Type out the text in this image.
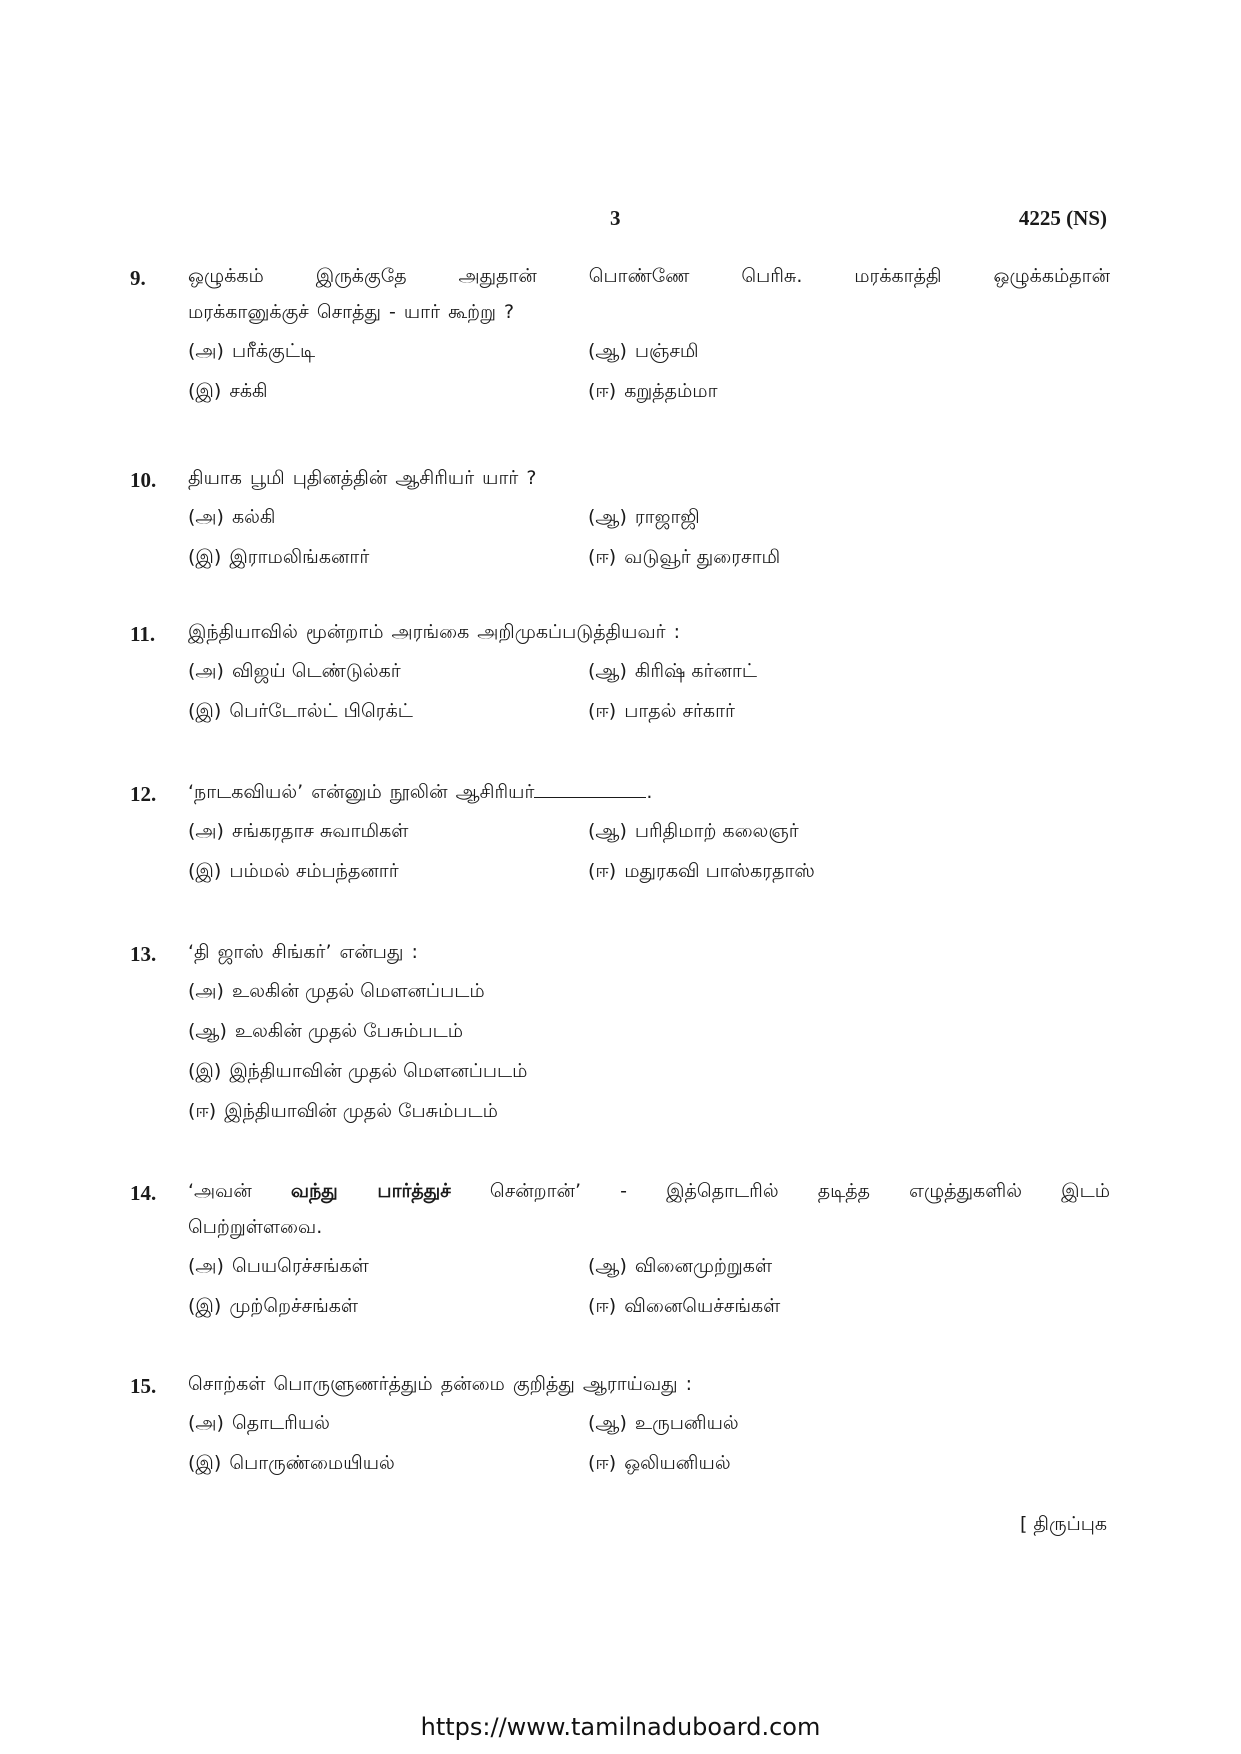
3	4225 (NS)
9. ஒழுக்கம் இருக்குதே அதுதான் பொண்ணே பெரிசு. மரக்காத்தி ஒழுக்கம்தான்
மரக்கானுக்குச் சொத்து - யார் கூற்று ?
(அ) பரீக்குட்டி	(ஆ) பஞ்சமி
(இ) சக்கி	(ஈ) கறுத்தம்மா
10. தியாக பூமி புதினத்தின் ஆசிரியர் யார் ?
(அ) கல்கி	(ஆ) ராஜாஜி
(இ) இராமலிங்கனார்	(ஈ) வடுவூர் துரைசாமி
11. இந்தியாவில் மூன்றாம் அரங்கை அறிமுகப்படுத்தியவர் :
(அ) விஜய் டெண்டுல்கர்	(ஆ) கிரிஷ் கர்னாட்
(இ) பெர்டோல்ட் பிரெக்ட்	(ஈ) பாதல் சர்கார்
12. ‘நாடகவியல்’ என்னும் நூலின் ஆசிரியர்	.
(அ) சங்கரதாச சுவாமிகள்	(ஆ) பரிதிமாற் கலைஞர்
(இ) பம்மல் சம்பந்தனார்	(ஈ) மதுரகவி பாஸ்கரதாஸ்
13. ‘தி ஜாஸ் சிங்கர்’ என்பது :
(அ) உலகின் முதல் மௌனப்படம்
(ஆ) உலகின் முதல் பேசும்படம்
(இ) இந்தியாவின் முதல் மௌனப்படம்
(ஈ) இந்தியாவின் முதல் பேசும்படம்
14. ‘அவன் வந்து பார்த்துச் சென்றான்’ - இத்தொடரில் தடித்த எழுத்துகளில் இடம்
பெற்றுள்ளவை.
(அ) பெயரெச்சங்கள்	(ஆ) வினைமுற்றுகள்
(இ) முற்றெச்சங்கள்	(ஈ) வினையெச்சங்கள்
15. சொற்கள் பொருளுணர்த்தும் தன்மை குறித்து ஆராய்வது :
(அ) தொடரியல்	(ஆ) உருபனியல்
(இ) பொருண்மையியல்	(ஈ) ஒலியனியல்
[ திருப்புக
https://www.tamilnaduboard.com
